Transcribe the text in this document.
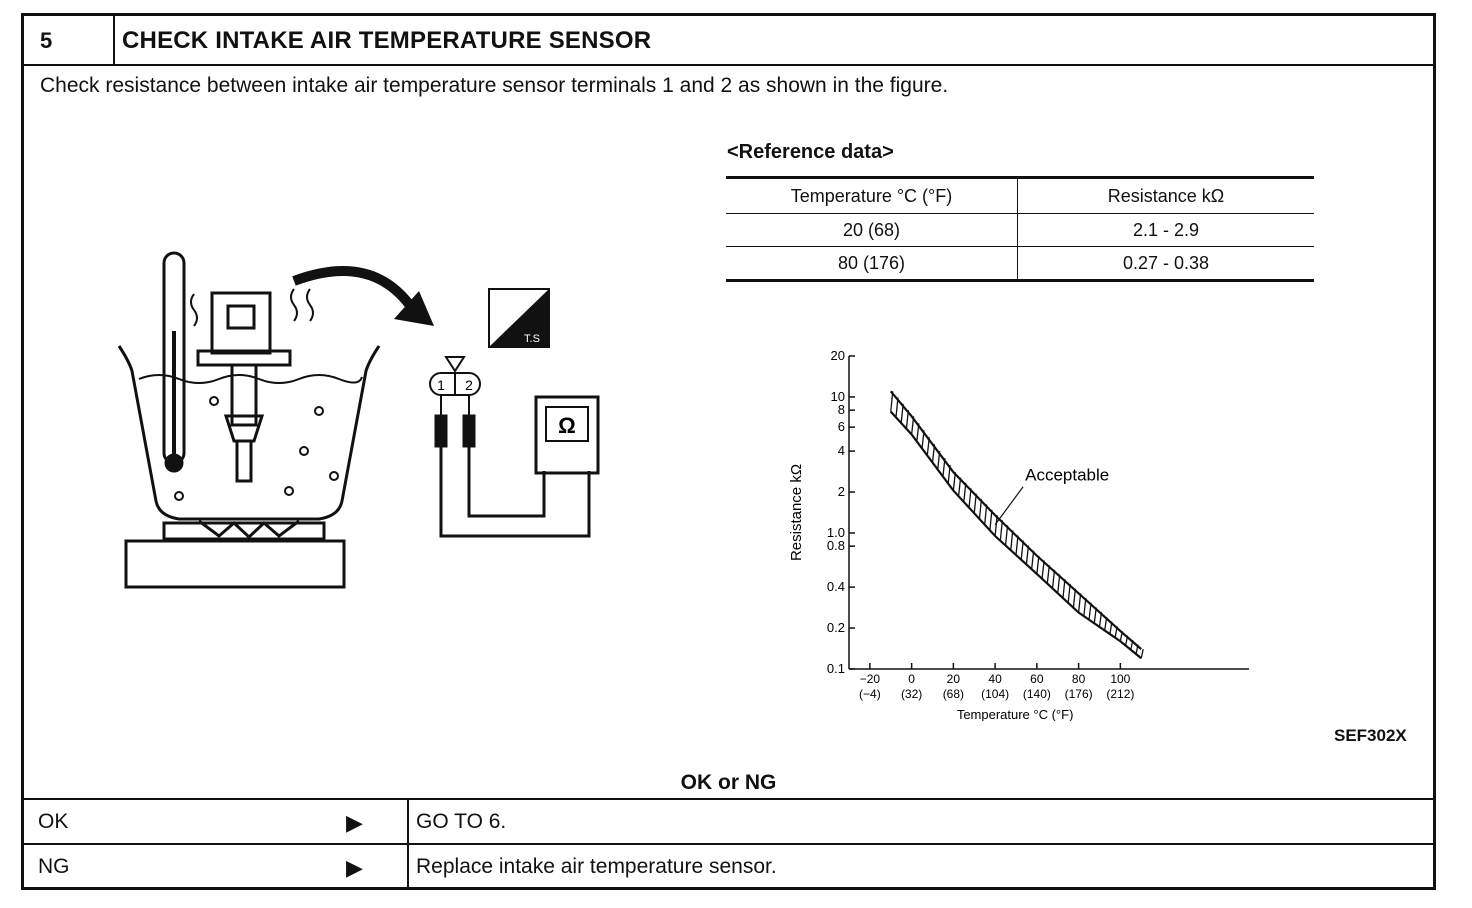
5	CHECK INTAKE AIR TEMPERATURE SENSOR
Check resistance between intake air temperature sensor terminals 1 and 2 as shown in the figure.
1 2
Ω
T.S
<Reference data>
Temperature °C (°F)	Resistance kΩ
20 (68)	2.1 - 2.9
80 (176)	0.27 - 0.38
0.1
0.2
0.4
0.8
1.0
2
4
6
8
10
20
−20
(−4)
0
(32)
20
(68)
40
(104)
60
(140)
80
(176)
100
(212)
Temperature °C (°F)
Resistance kΩ	Acceptable
SEF302X
OK or NG
OK	▶	GO TO 6.
NG	▶	Replace intake air temperature sensor.
